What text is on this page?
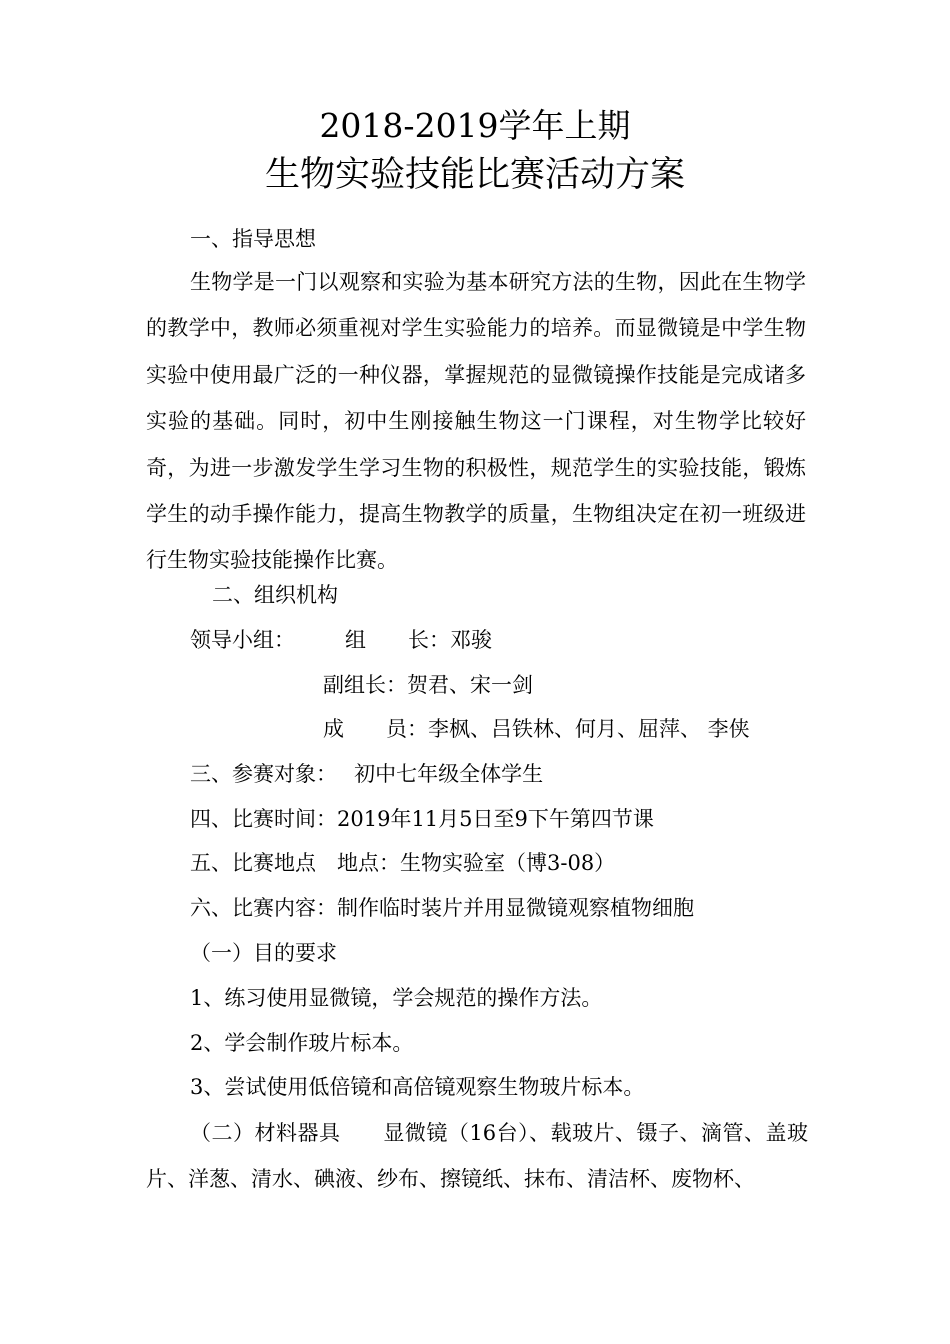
2018-2019学年上期
生物实验技能比赛活动方案

一、指导思想

生物学是一门以观察和实验为基本研究方法的生物，因此在生物学的教学中，教师必须重视对学生实验能力的培养。而显微镜是中学生物实验中使用最广泛的一种仪器，掌握规范的显微镜操作技能是完成诸多实验的基础。同时，初中生刚接触生物这一门课程，对生物学比较好奇，为进一步激发学生学习生物的积极性，规范学生的实验技能，锻炼学生的动手操作能力，提高生物教学的质量，生物组决定在初一班级进行生物实验技能操作比赛。

二、组织机构

领导小组： 组　　长：邓骏

副组长：贺君、宋一剑

成　　员：李枫、吕铁林、何月、屈萍、 李侠

三、参赛对象：　 初中七年级全体学生

四、比赛时间：2019年11月5日至9下午第四节课

五、比赛地点　地点：生物实验室（博3-08）

六、比赛内容：制作临时装片并用显微镜观察植物细胞

（一）目的要求

1、练习使用显微镜，学会规范的操作方法。

2、学会制作玻片标本。

3、尝试使用低倍镜和高倍镜观察生物玻片标本。

（二）材料器具　　显微镜（16台）、载玻片、镊子、滴管、盖玻片、洋葱、清水、碘液、纱布、擦镜纸、抹布、清洁杯、废物杯、
